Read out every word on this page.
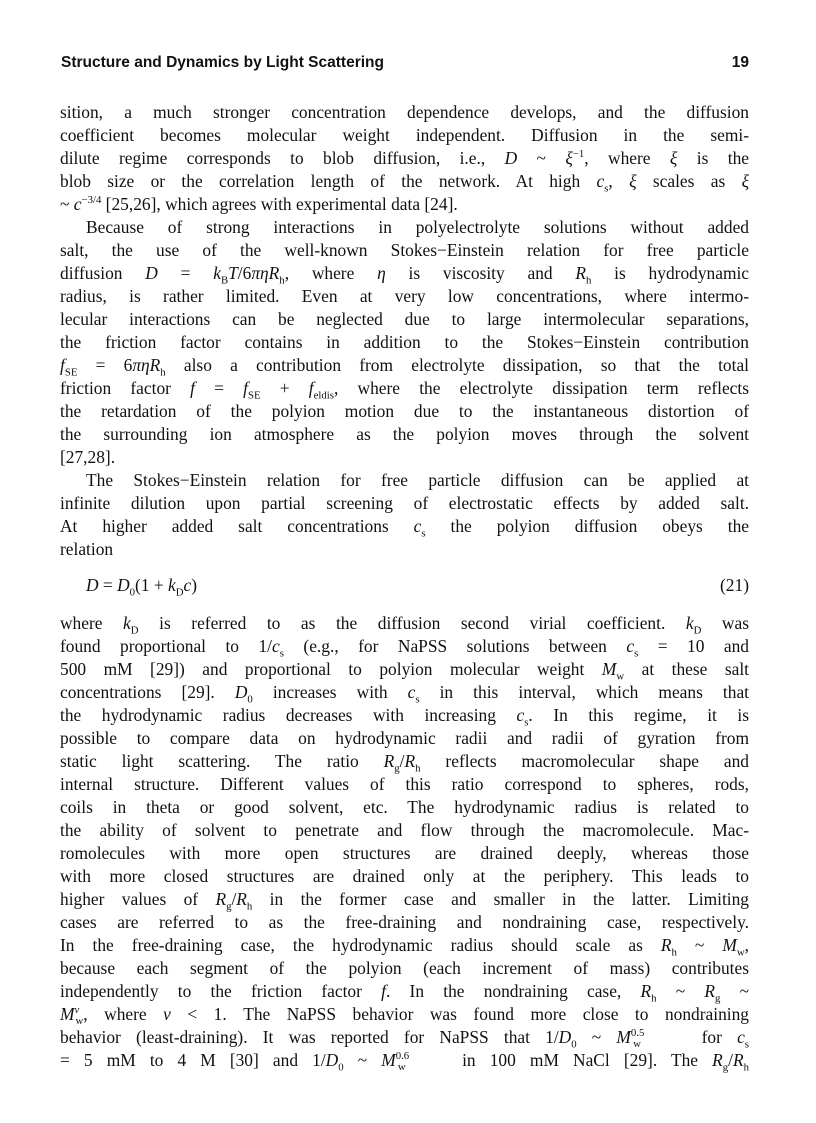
Structure and Dynamics by Light Scattering	19
sition, a much stronger concentration dependence develops, and the diffusion
coefficient becomes molecular weight independent. Diffusion in the semi-
dilute regime corresponds to blob diffusion, i.e., D ~ $\xi^{-1}$, where ξ is the
blob size or the correlation length of the network. At high $c_s$, ξ scales as ξ
~ $c^{-3/4}$ [25,26], which agrees with experimental data [24].
Because of strong interactions in polyelectrolyte solutions without added
salt, the use of the well-known Stokes−Einstein relation for free particle
diffusion $D = k_BT/6\pi\eta R_h$, where η is viscosity and $R_h$ is hydrodynamic
radius, is rather limited. Even at very low concentrations, where intermo-
lecular interactions can be neglected due to large intermolecular separations,
the friction factor contains in addition to the Stokes−Einstein contribution
$f_{SE} = 6\pi\eta R_h$ also a contribution from electrolyte dissipation, so that the total
friction factor $f = f_{SE} + f_{eldis}$, where the electrolyte dissipation term reflects
the retardation of the polyion motion due to the instantaneous distortion of
the surrounding ion atmosphere as the polyion moves through the solvent
[27,28].
The Stokes−Einstein relation for free particle diffusion can be applied at
infinite dilution upon partial screening of electrostatic effects by added salt.
At higher added salt concentrations $c_s$ the polyion diffusion obeys the
relation
$D = D_0(1 + k_Dc)$	(21)
where $k_D$ is referred to as the diffusion second virial coefficient. $k_D$ was
found proportional to $1/c_s$ (e.g., for NaPSS solutions between $c_s = 10$ and
500 mM [29]) and proportional to polyion molecular weight $M_w$ at these salt
concentrations [29]. $D_0$ increases with $c_s$ in this interval, which means that
the hydrodynamic radius decreases with increasing $c_s$. In this regime, it is
possible to compare data on hydrodynamic radii and radii of gyration from
static light scattering. The ratio $R_g/R_h$ reflects macromolecular shape and
internal structure. Different values of this ratio correspond to spheres, rods,
coils in theta or good solvent, etc. The hydrodynamic radius is related to
the ability of solvent to penetrate and flow through the macromolecule. Mac-
romolecules with more open structures are drained deeply, whereas those
with more closed structures are drained only at the periphery. This leads to
higher values of $R_g/R_h$ in the former case and smaller in the latter. Limiting
cases are referred to as the free-draining and nondraining case, respectively.
In the free-draining case, the hydrodynamic radius should scale as $R_h$ ~ $M_w$,
because each segment of the polyion (each increment of mass) contributes
independently to the friction factor f. In the nondraining case, $R_h$ ~ $R_g$ ~
$M^\nu_w$, where ν < 1. The NaPSS behavior was found more close to nondraining
behavior (least-draining). It was reported for NaPSS that $1/D_0$ ~ $M^{0.5}_w$    for $c_s$
= 5 mM to 4 M [30] and $1/D_0$ ~ $M^{0.6}_w$    in 100 mM NaCl [29]. The $R_g/R_h$
